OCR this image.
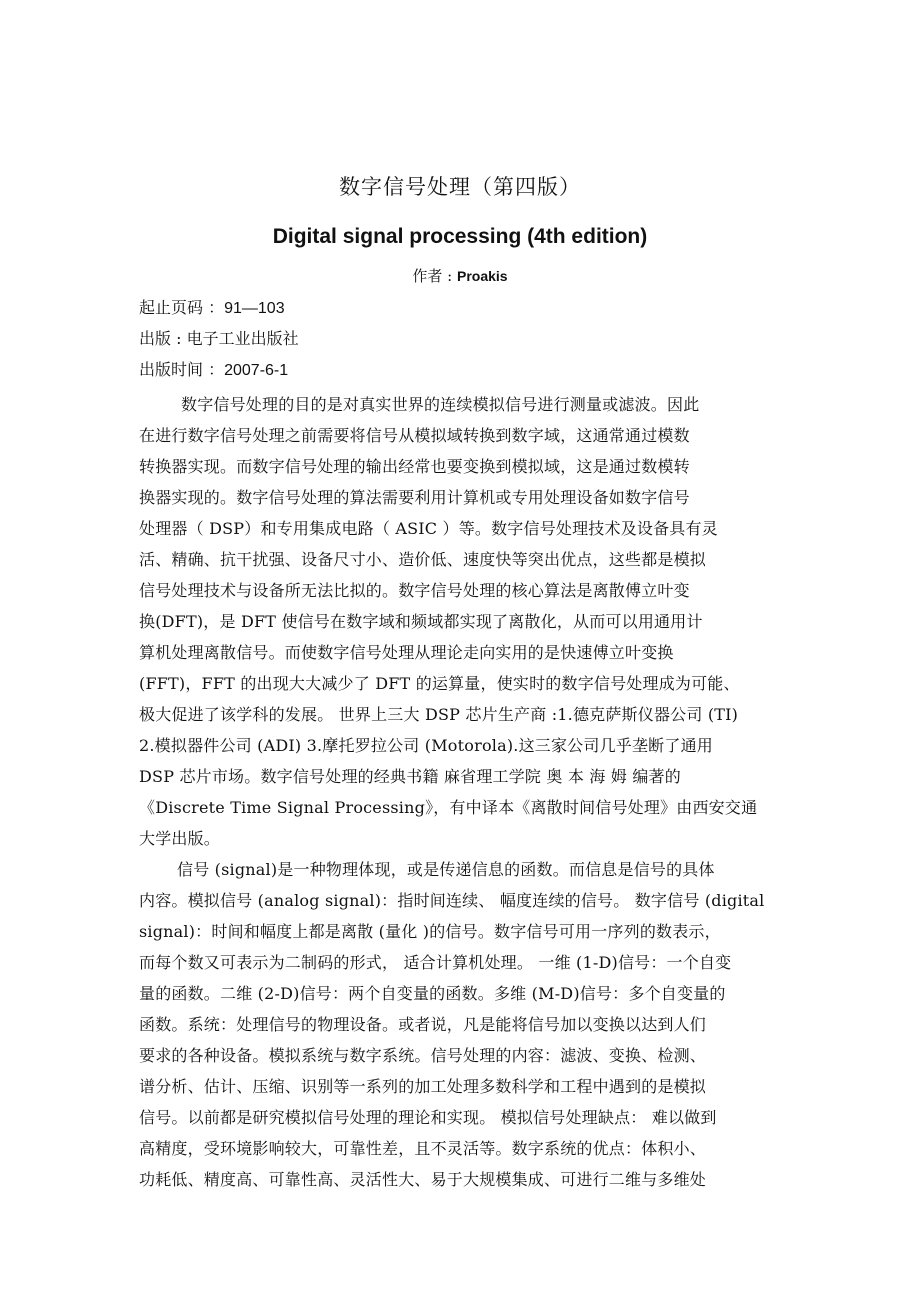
数字信号处理（第四版）
Digital signal processing (4th edition)
作者 : Proakis
起止页码 ：91—103
出版 : 电子工业出版社
出版时间 ：2007-6-1
数字信号处理的目的是对真实世界的连续模拟信号进行测量或滤波。因此
在进行数字信号处理之前需要将信号从模拟域转换到数字域，这通常通过模数
转换器实现。而数字信号处理的输出经常也要变换到模拟域，这是通过数模转
换器实现的。数字信号处理的算法需要利用计算机或专用处理设备如数字信号
处理器（ DSP）和专用集成电路（ ASIC ）等。数字信号处理技术及设备具有灵
活、精确、抗干扰强、设备尺寸小、造价低、速度快等突出优点，这些都是模拟
信号处理技术与设备所无法比拟的。数字信号处理的核心算法是离散傅立叶变
换(DFT)，是 DFT 使信号在数字域和频域都实现了离散化，从而可以用通用计
算机处理离散信号。而使数字信号处理从理论走向实用的是快速傅立叶变换
(FFT)，FFT 的出现大大减少了 DFT 的运算量，使实时的数字信号处理成为可能、
极大促进了该学科的发展。 世界上三大 DSP 芯片生产商 :1.德克萨斯仪器公司 (TI)
2.模拟器件公司 (ADI) 3.摩托罗拉公司 (Motorola).这三家公司几乎垄断了通用
DSP 芯片市场。数字信号处理的经典书籍 麻省理工学院 奥 本 海 姆 编著的
《Discrete Time Signal Processing》，有中译本《离散时间信号处理》由西安交通
大学出版。
信号 (signal)是一种物理体现，或是传递信息的函数。而信息是信号的具体
内容。模拟信号 (analog signal)：指时间连续、 幅度连续的信号。 数字信号 (digital
signal)：时间和幅度上都是离散 (量化 )的信号。数字信号可用一序列的数表示，
而每个数又可表示为二制码的形式， 适合计算机处理。 一维 (1-D)信号：一个自变
量的函数。二维 (2-D)信号：两个自变量的函数。多维 (M-D)信号：多个自变量的
函数。系统：处理信号的物理设备。或者说，凡是能将信号加以变换以达到人们
要求的各种设备。模拟系统与数字系统。信号处理的内容：滤波、变换、检测、
谱分析、估计、压缩、识别等一系列的加工处理多数科学和工程中遇到的是模拟
信号。以前都是研究模拟信号处理的理论和实现。 模拟信号处理缺点： 难以做到
高精度，受环境影响较大，可靠性差，且不灵活等。数字系统的优点：体积小、
功耗低、精度高、可靠性高、灵活性大、易于大规模集成、可进行二维与多维处
